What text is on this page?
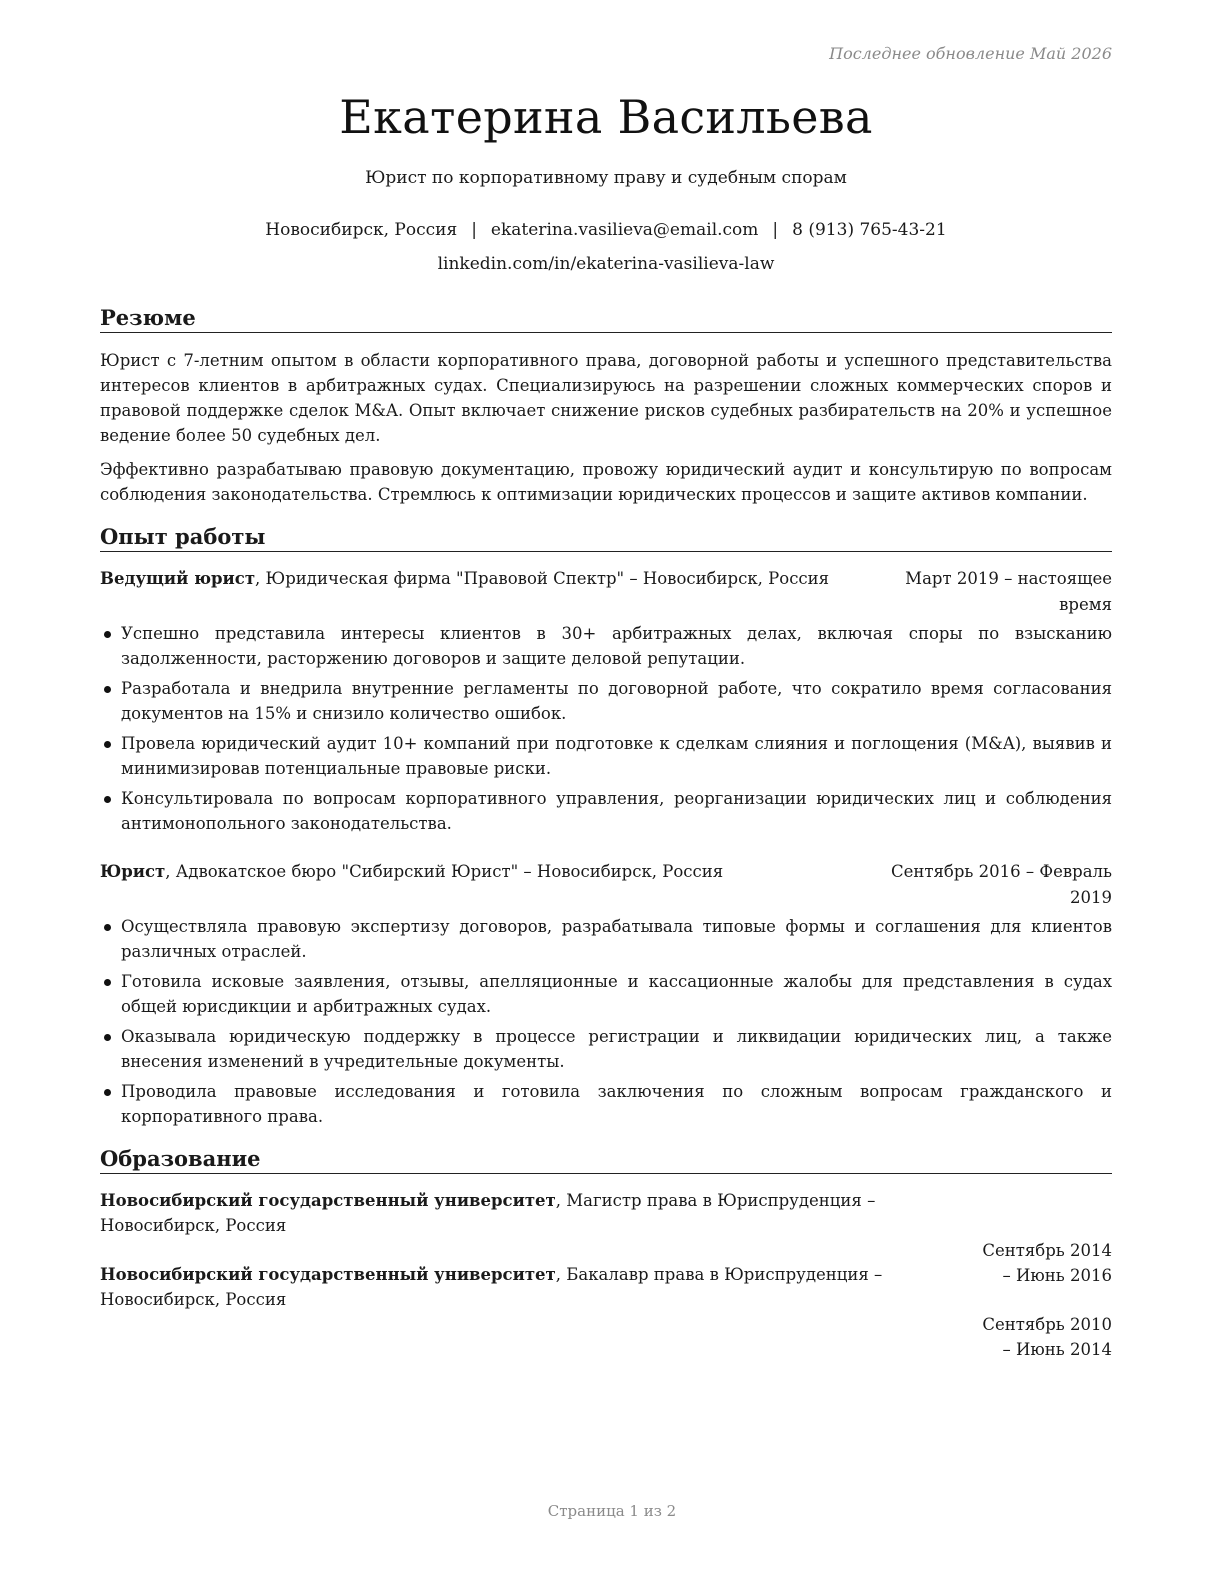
Последнее обновление Май 2026
Екатерина Васильева
Юрист по корпоративному праву и судебным спорам
Новосибирск, Россия | ekaterina.vasilieva@email.com | 8 (913) 765-43-21
linkedin.com/in/ekaterina-vasilieva-law
Резюме
Юрист с 7-летним опытом в области корпоративного права, договорной работы и успешного представительства интересов клиентов в арбитражных судах. Специализируюсь на разрешении сложных коммерческих споров и правовой поддержке сделок M&A. Опыт включает снижение рисков судебных разбирательств на 20% и успешное ведение более 50 судебных дел.
Эффективно разрабатываю правовую документацию, провожу юридический аудит и консультирую по вопросам соблюдения законодательства. Стремлюсь к оптимизации юридических процессов и защите активов компании.
Опыт работы
Ведущий юрист, Юридическая фирма "Правовой Спектр" – Новосибирск, Россия	Март 2019 – настоящее время
Успешно представила интересы клиентов в 30+ арбитражных делах, включая споры по взысканию задолженности, расторжению договоров и защите деловой репутации.
Разработала и внедрила внутренние регламенты по договорной работе, что сократило время согласования документов на 15% и снизило количество ошибок.
Провела юридический аудит 10+ компаний при подготовке к сделкам слияния и поглощения (M&A), выявив и минимизировав потенциальные правовые риски.
Консультировала по вопросам корпоративного управления, реорганизации юридических лиц и соблюдения антимонопольного законодательства.
Юрист, Адвокатское бюро "Сибирский Юрист" – Новосибирск, Россия	Сентябрь 2016 – Февраль 2019
Осуществляла правовую экспертизу договоров, разрабатывала типовые формы и соглашения для клиентов различных отраслей.
Готовила исковые заявления, отзывы, апелляционные и кассационные жалобы для представления в судах общей юрисдикции и арбитражных судах.
Оказывала юридическую поддержку в процессе регистрации и ликвидации юридических лиц, а также внесения изменений в учредительные документы.
Проводила правовые исследования и готовила заключения по сложным вопросам гражданского и корпоративного права.
Образование
Новосибирский государственный университет, Магистр права в Юриспруденция – Новосибирск, Россия
Сентябрь 2014 – Июнь 2016
Новосибирский государственный университет, Бакалавр права в Юриспруденция – Новосибирск, Россия
Сентябрь 2010 – Июнь 2014
Страница 1 из 2
